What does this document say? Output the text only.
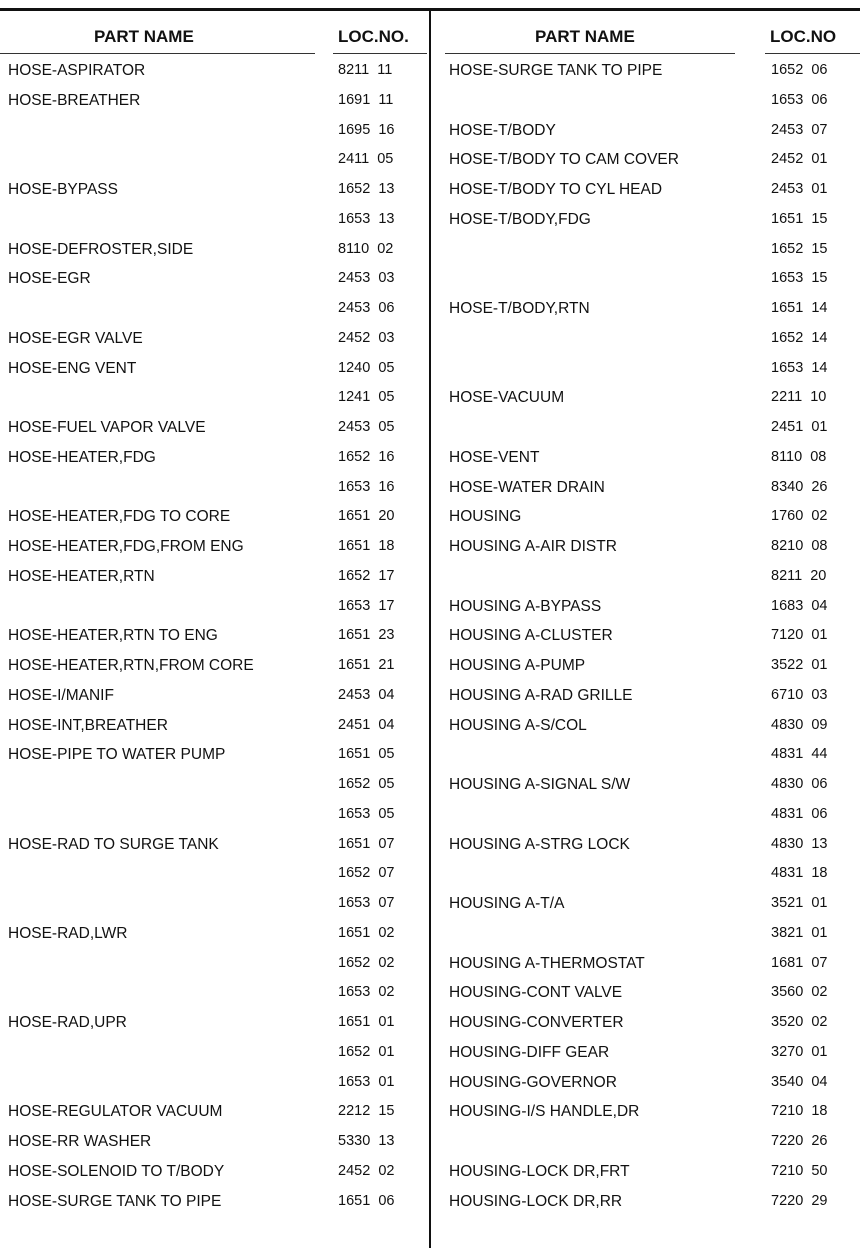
PART NAME	LOC.NO.
HOSE-ASPIRATOR	8211  11
HOSE-BREATHER	1691  11
1695  16
2411  05
HOSE-BYPASS	1652  13
1653  13
HOSE-DEFROSTER,SIDE	8110  02
HOSE-EGR	2453  03
2453  06
HOSE-EGR VALVE	2452  03
HOSE-ENG VENT	1240  05
1241  05
HOSE-FUEL VAPOR VALVE	2453  05
HOSE-HEATER,FDG	1652  16
1653  16
HOSE-HEATER,FDG TO CORE	1651  20
HOSE-HEATER,FDG,FROM ENG	1651  18
HOSE-HEATER,RTN	1652  17
1653  17
HOSE-HEATER,RTN TO ENG	1651  23
HOSE-HEATER,RTN,FROM CORE	1651  21
HOSE-I/MANIF	2453  04
HOSE-INT,BREATHER	2451  04
HOSE-PIPE TO WATER PUMP	1651  05
1652  05
1653  05
HOSE-RAD TO SURGE TANK	1651  07
1652  07
1653  07
HOSE-RAD,LWR	1651  02
1652  02
1653  02
HOSE-RAD,UPR	1651  01
1652  01
1653  01
HOSE-REGULATOR VACUUM	2212  15
HOSE-RR WASHER	5330  13
HOSE-SOLENOID TO T/BODY	2452  02
HOSE-SURGE TANK TO PIPE	1651  06
PART NAME	LOC.NO
HOSE-SURGE TANK TO PIPE	1652  06
1653  06
HOSE-T/BODY	2453  07
HOSE-T/BODY TO CAM COVER	2452  01
HOSE-T/BODY TO CYL HEAD	2453  01
HOSE-T/BODY,FDG	1651  15
1652  15
1653  15
HOSE-T/BODY,RTN	1651  14
1652  14
1653  14
HOSE-VACUUM	2211  10
2451  01
HOSE-VENT	8110  08
HOSE-WATER DRAIN	8340  26
HOUSING	1760  02
HOUSING A-AIR DISTR	8210  08
8211  20
HOUSING A-BYPASS	1683  04
HOUSING A-CLUSTER	7120  01
HOUSING A-PUMP	3522  01
HOUSING A-RAD GRILLE	6710  03
HOUSING A-S/COL	4830  09
4831  44
HOUSING A-SIGNAL S/W	4830  06
4831  06
HOUSING A-STRG LOCK	4830  13
4831  18
HOUSING A-T/A	3521  01
3821  01
HOUSING A-THERMOSTAT	1681  07
HOUSING-CONT VALVE	3560  02
HOUSING-CONVERTER	3520  02
HOUSING-DIFF GEAR	3270  01
HOUSING-GOVERNOR	3540  04
HOUSING-I/S HANDLE,DR	7210  18
7220  26
HOUSING-LOCK DR,FRT	7210  50
HOUSING-LOCK DR,RR	7220  29
